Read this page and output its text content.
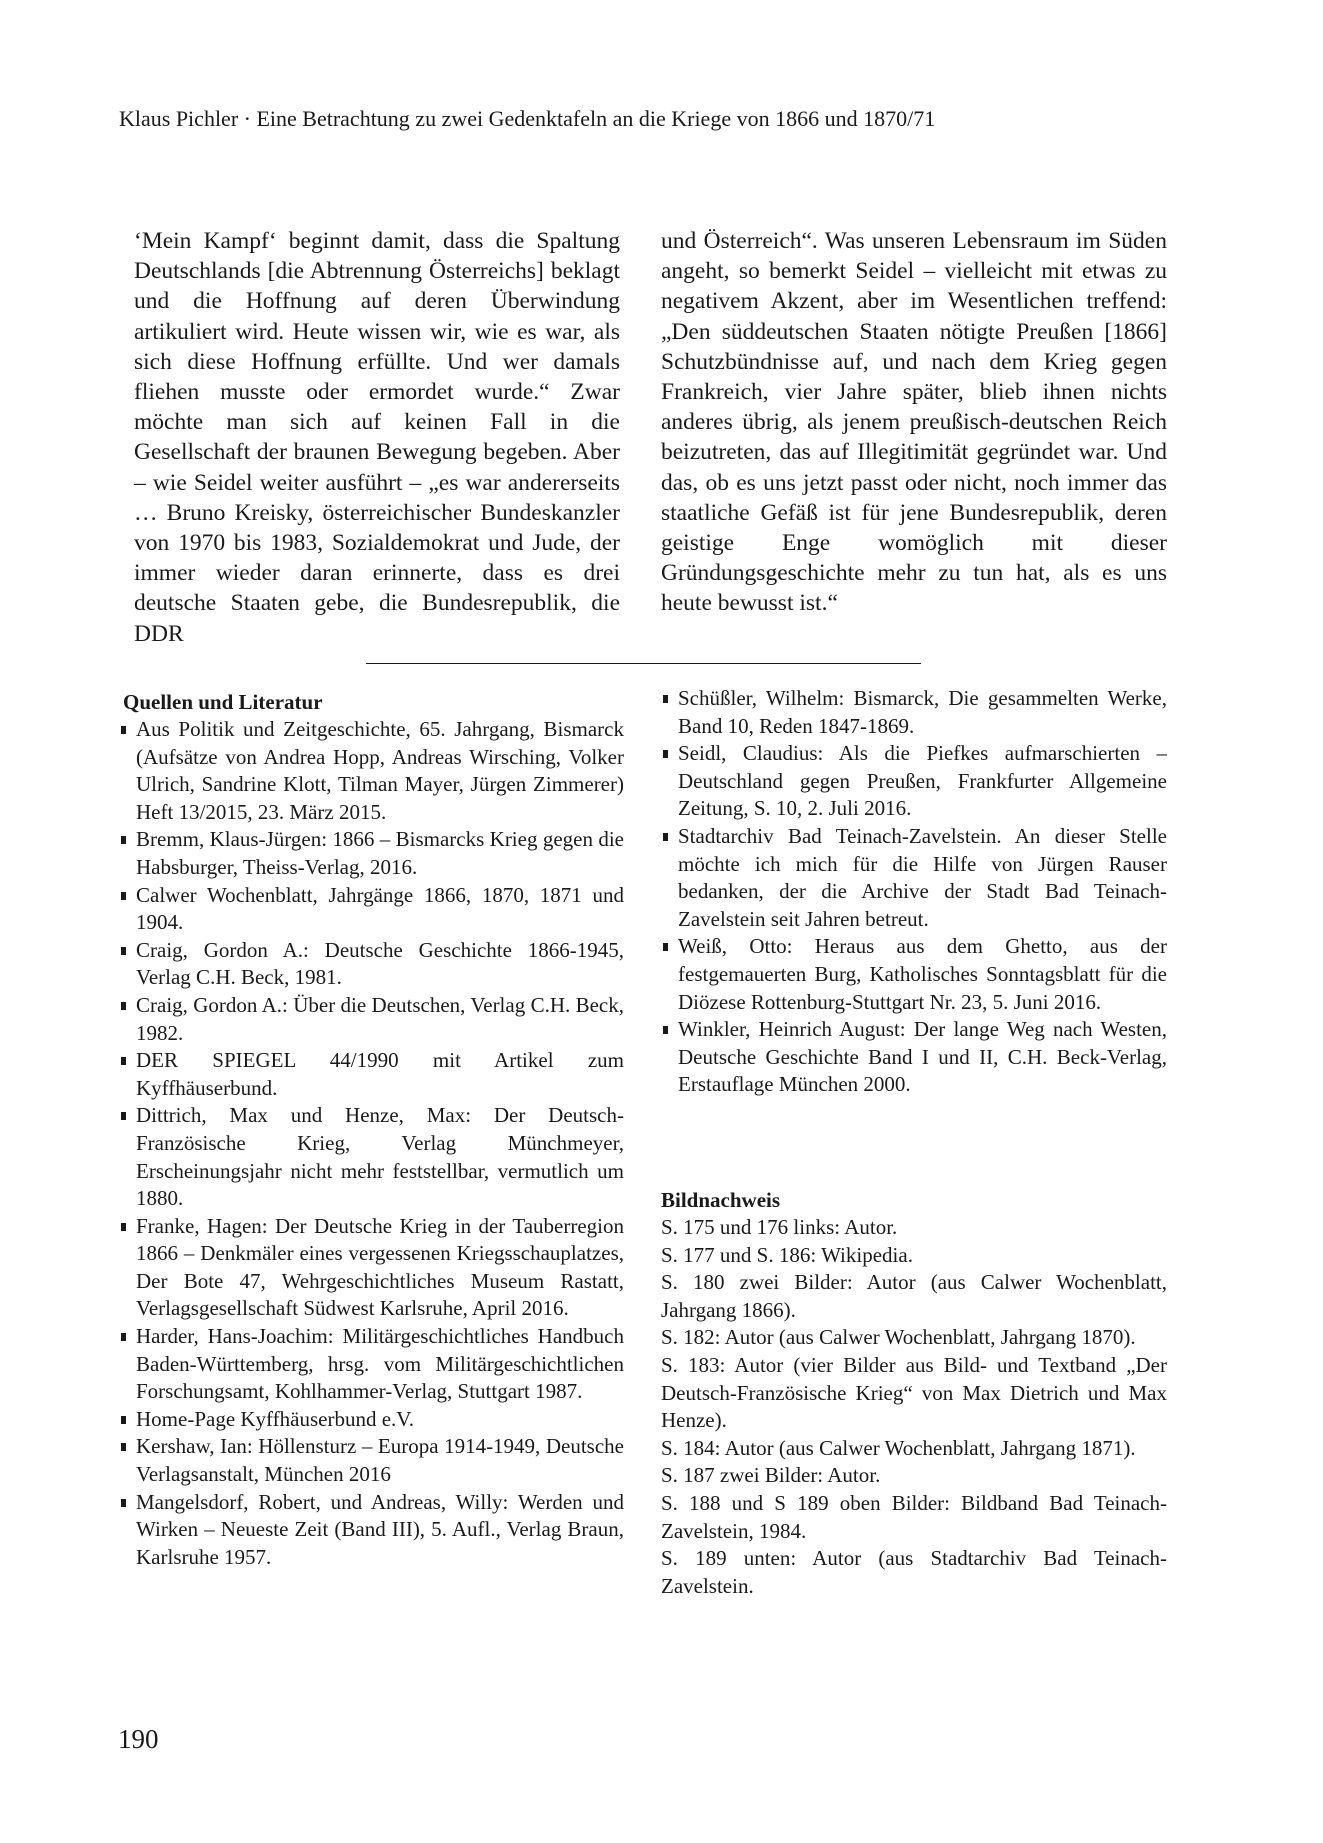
Klaus Pichler · Eine Betrachtung zu zwei Gedenktafeln an die Kriege von 1866 und 1870/71

‘Mein Kampf‘ beginnt damit, dass die Spaltung Deutschlands [die Abtrennung Österreichs] beklagt und die Hoffnung auf deren Überwindung artikuliert wird. Heute wissen wir, wie es war, als sich diese Hoffnung erfüllte. Und wer damals fliehen musste oder ermordet wurde.“ Zwar möchte man sich auf keinen Fall in die Gesellschaft der braunen Bewegung begeben. Aber – wie Seidel weiter ausführt – „es war andererseits … Bruno Kreisky, österreichischer Bundeskanzler von 1970 bis 1983, Sozialdemokrat und Jude, der immer wieder daran erinnerte, dass es drei deutsche Staaten gebe, die Bundesrepublik, die DDR

und Österreich“. Was unseren Lebensraum im Süden angeht, so bemerkt Seidel – vielleicht mit etwas zu negativem Akzent, aber im Wesentlichen treffend: „Den süddeutschen Staaten nötigte Preußen [1866] Schutzbündnisse auf, und nach dem Krieg gegen Frankreich, vier Jahre später, blieb ihnen nichts anderes übrig, als jenem preußisch-deutschen Reich beizutreten, das auf Illegitimität gegründet war. Und das, ob es uns jetzt passt oder nicht, noch immer das staatliche Gefäß ist für jene Bundesrepublik, deren geistige Enge womöglich mit dieser Gründungsgeschichte mehr zu tun hat, als es uns heute bewusst ist.“

Quellen und Literatur
Aus Politik und Zeitgeschichte, 65. Jahrgang, Bismarck (Aufsätze von Andrea Hopp, Andreas Wirsching, Volker Ulrich, Sandrine Klott, Tilman Mayer, Jürgen Zimmerer) Heft 13/2015, 23. März 2015.
Bremm, Klaus-Jürgen: 1866 – Bismarcks Krieg gegen die Habsburger, Theiss-Verlag, 2016.
Calwer Wochenblatt, Jahrgänge 1866, 1870, 1871 und 1904.
Craig, Gordon A.: Deutsche Geschichte 1866-1945, Verlag C.H. Beck, 1981.
Craig, Gordon A.: Über die Deutschen, Verlag C.H. Beck, 1982.
DER SPIEGEL 44/1990 mit Artikel zum Kyffhäuserbund.
Dittrich, Max und Henze, Max: Der Deutsch-Französische Krieg, Verlag Münchmeyer, Erscheinungsjahr nicht mehr feststellbar, vermutlich um 1880.
Franke, Hagen: Der Deutsche Krieg in der Tauberregion 1866 – Denkmäler eines vergessenen Kriegsschauplatzes, Der Bote 47, Wehrgeschichtliches Museum Rastatt, Verlagsgesellschaft Südwest Karlsruhe, April 2016.
Harder, Hans-Joachim: Militärgeschichtliches Handbuch Baden-Württemberg, hrsg. vom Militärgeschichtlichen Forschungsamt, Kohlhammer-Verlag, Stuttgart 1987.
Home-Page Kyffhäuserbund e.V.
Kershaw, Ian: Höllensturz – Europa 1914-1949, Deutsche Verlagsanstalt, München 2016
Mangelsdorf, Robert, und Andreas, Willy: Werden und Wirken – Neueste Zeit (Band III), 5. Aufl., Verlag Braun, Karlsruhe 1957.
Schüßler, Wilhelm: Bismarck, Die gesammelten Werke, Band 10, Reden 1847-1869.
Seidl, Claudius: Als die Piefkes aufmarschierten – Deutschland gegen Preußen, Frankfurter Allgemeine Zeitung, S. 10, 2. Juli 2016.
Stadtarchiv Bad Teinach-Zavelstein. An dieser Stelle möchte ich mich für die Hilfe von Jürgen Rauser bedanken, der die Archive der Stadt Bad Teinach-Zavelstein seit Jahren betreut.
Weiß, Otto: Heraus aus dem Ghetto, aus der festgemauerten Burg, Katholisches Sonntagsblatt für die Diözese Rottenburg-Stuttgart Nr. 23, 5. Juni 2016.
Winkler, Heinrich August: Der lange Weg nach Westen, Deutsche Geschichte Band I und II, C.H. Beck-Verlag, Erstauflage München 2000.
Bildnachweis

S. 175 und 176 links: Autor.

S. 177 und S. 186: Wikipedia.

S. 180 zwei Bilder: Autor (aus Calwer Wochenblatt, Jahrgang 1866).

S. 182: Autor (aus Calwer Wochenblatt, Jahrgang 1870).

S. 183: Autor (vier Bilder aus Bild- und Textband „Der Deutsch-Französische Krieg“ von Max Dietrich und Max Henze).

S. 184: Autor (aus Calwer Wochenblatt, Jahrgang 1871).

S. 187 zwei Bilder: Autor.

S. 188 und S 189 oben Bilder: Bildband Bad Teinach-Zavelstein, 1984.

S. 189 unten: Autor (aus Stadtarchiv Bad Teinach-Zavelstein.

190
